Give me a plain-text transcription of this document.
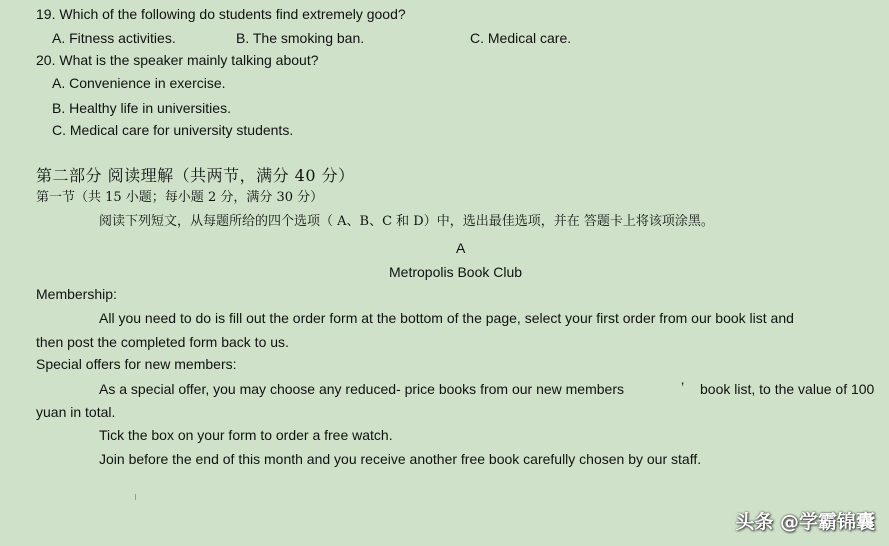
19. Which of the following do students find extremely good?
A. Fitness activities.	B. The smoking ban.	C. Medical care.
20. What is the speaker mainly talking about?
A. Convenience in exercise.
B. Healthy life in universities.
C. Medical care for university students.
第二部分 阅读理解（共两节，满分 40 分）
第一节（共 15 小题；每小题 2 分，满分 30 分）
阅读下列短文，从每题所给的四个选项（ A、B、C 和 D）中，选出最佳选项，并在 答题卡上将该项涂黑。
A
Metropolis Book Club
Membership:
All you need to do is fill out the order form at the bottom of the page, select your first order from our book list and
then post the completed form back to us.
Special offers for new members:
As a special offer, you may choose any reduced- price books from our new members	’ book list, to the value of 100
yuan in total.
Tick the box on your form to order a free watch.
Join before the end of this month and you receive another free book carefully chosen by our staff.
头条 @学霸锦囊
